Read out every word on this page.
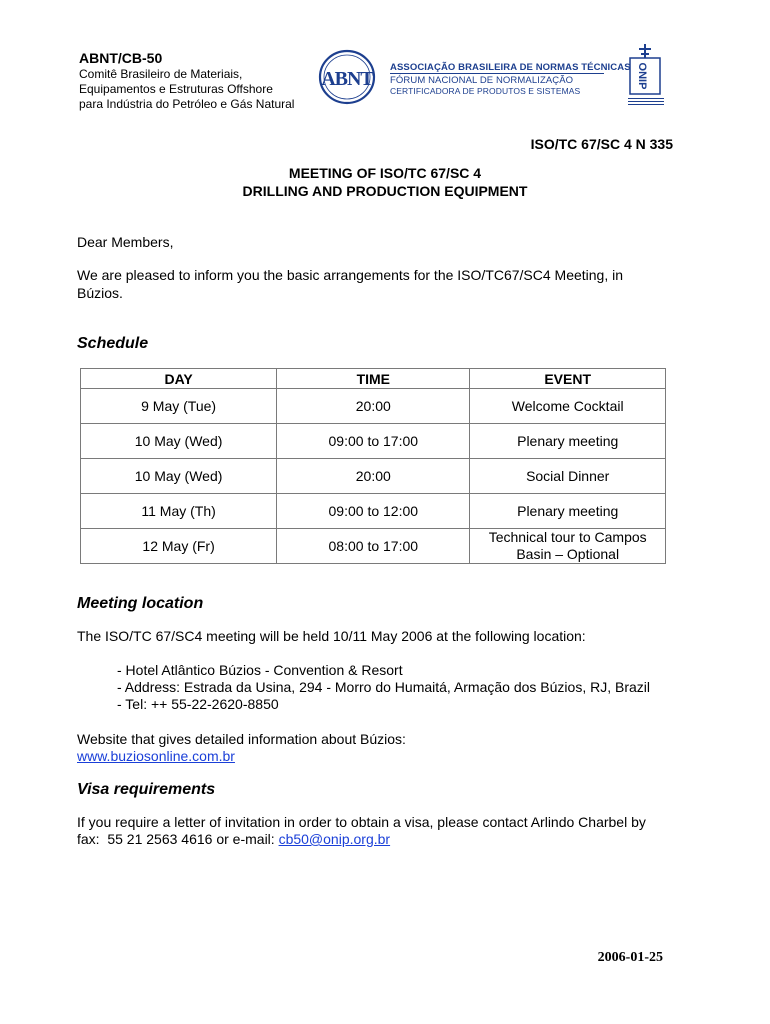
ABNT/CB-50
Comitê Brasileiro de Materiais,
Equipamentos e Estruturas Offshore
para Indústria do Petróleo e Gás Natural
ABNT
ASSOCIAÇÃO BRASILEIRA DE NORMAS TÉCNICAS
FÓRUM NACIONAL DE NORMALIZAÇÃO
CERTIFICADORA DE PRODUTOS E SISTEMAS
ONIP
ISO/TC 67/SC 4 N 335
MEETING OF ISO/TC 67/SC 4
DRILLING AND PRODUCTION EQUIPMENT
Dear Members,
We are pleased to inform you the basic arrangements for the ISO/TC67/SC4 Meeting, in
Búzios.
Schedule
DAY	TIME	EVENT
9 May (Tue)	20:00	Welcome Cocktail
10 May (Wed)	09:00 to 17:00	Plenary meeting
10 May (Wed)	20:00	Social Dinner
11 May (Th)	09:00 to 12:00	Plenary meeting
12 May (Fr)	08:00 to 17:00	Technical tour to Campos
Basin – Optional
Meeting location
The ISO/TC 67/SC4 meeting will be held 10/11 May 2006 at the following location:
- Hotel Atlântico Búzios - Convention & Resort
- Address: Estrada da Usina, 294 - Morro do Humaitá, Armação dos Búzios, RJ, Brazil
- Tel: ++ 55-22-2620-8850
Website that gives detailed information about Búzios:
www.buziosonline.com.br
Visa requirements
If you require a letter of invitation in order to obtain a visa, please contact Arlindo Charbel by
fax:  55 21 2563 4616 or e-mail: cb50@onip.org.br
2006-01-25
